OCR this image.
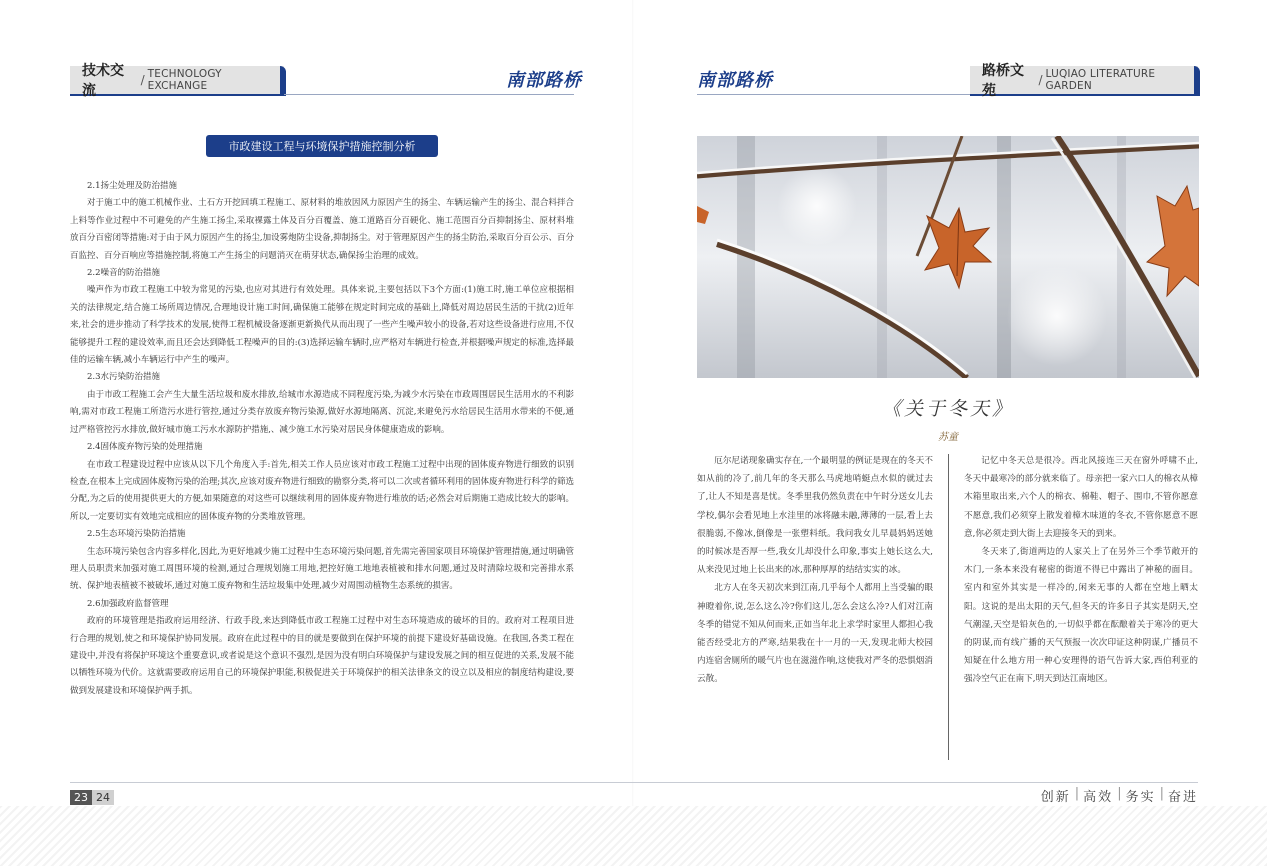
技术交流
/ TECHNOLOGY EXCHANGE	南部路桥	南部路桥	路桥文苑
/ LUQIAO LITERATURE GARDEN
市政建设工程与环境保护措施控制分析

2.1扬尘处理及防治措施

对于施工中的施工机械作业、土石方开挖回填工程施工、原材料的堆放因风力原因产生的扬尘、车辆运输产生的扬尘、混合料拌合上料等作业过程中不可避免的产生施工扬尘,采取裸露土体及百分百覆盖、施工道路百分百硬化、施工范围百分百抑制扬尘、原材料堆放百分百密闭等措施:对于由于风力原因产生的扬尘,加设雾炮防尘设备,抑制扬尘。对于管理原因产生的扬尘防治,采取百分百公示、百分百监控、百分百响应等措施控制,将施工产生扬尘的问题消灭在萌芽状态,确保扬尘治理的成效。

2.2噪音的防治措施

噪声作为市政工程施工中较为常见的污染,也应对其进行有效处理。具体来说,主要包括以下3个方面:(1)施工时,施工单位应根据相关的法律规定,结合施工场所周边情况,合理地设计施工时间,确保施工能够在规定时间完成的基础上,降低对周边居民生活的干扰(2)近年来,社会的进步推动了科学技术的发展,使得工程机械设备逐渐更新换代从而出现了一些产生噪声较小的设备,若对这些设备进行应用,不仅能够提升工程的建设效率,而且还会达到降低工程噪声的目的:(3)选择运输车辆时,应严格对车辆进行检查,并根据噪声规定的标准,选择最佳的运输车辆,减小车辆运行中产生的噪声。

2.3水污染防治措施

由于市政工程施工会产生大量生活垃圾和废水排放,给城市水源造成不同程度污染,为减少水污染在市政周围居民生活用水的不利影响,需对市政工程施工所造污水进行管控,通过分类存放废弃物污染源,做好水源地隔离、沉淀,来避免污水给居民生活用水带来的不便,通过严格管控污水排放,做好城市施工污水水源防护措施,、减少施工水污染对居民身体健康造成的影响。

2.4固体废弃物污染的处理措施

在市政工程建设过程中应该从以下几个角度入手:首先,相关工作人员应该对市政工程施工过程中出现的固体废弃物进行细致的识别检查,在根本上完成固体废物污染的治理;其次,应该对废弃物进行细致的勘察分类,将可以二次或者循环利用的固体废弃物进行科学的筛选分配,为之后的使用提供更大的方便,如果随意的对这些可以继续利用的固体废弃物进行堆放的话;必然会对后期施工造成比较大的影响。所以,一定要切实有效地完成相应的固体废弃物的分类堆放管理。

2.5生态环境污染防治措施

生态环境污染包含内容多样化,因此,为更好地减少施工过程中生态环境污染问题,首先需完善国家项目环境保护管理措施,通过明确管理人员职责来加强对施工周围环境的检测,通过合理规划施工用地,把控好施工地地表植被和排水问题,通过及时清除垃圾和完善排水系统、保护地表植被不被破坏,通过对施工废弃物和生活垃圾集中处理,减少对周围动植物生态系统的损害。

2.6加强政府监督管理

政府的环境管理是指政府运用经济、行政手段,来达到降低市政工程施工过程中对生态环境造成的破坏的目的。政府对工程项目进行合理的规划,使之和环境保护协同发展。政府在此过程中的目的就是要做到在保护环境的前提下建设好基础设施。在我国,各类工程在建设中,并没有将保护环境这个重要意识,或者说是这个意识不强烈,是因为没有明白环境保护与建设发展之间的相互促进的关系,发展不能以牺牲环境为代价。这就需要政府运用自己的环境保护职能,积极促进关于环境保护的相关法律条文的设立以及相应的制度结构建设,要做到发展建设和环境保护两手抓。

《关于冬天》
苏童

厄尔尼诺现象确实存在,一个最明显的例证是现在的冬天不如从前的冷了,前几年的冬天那么马虎地哨蜓点水似的就过去了,让人不知是喜是忧。冬季里我仍然负责在中午时分送女儿去学校,偶尔会看见地上水洼里的冰将融未融,薄薄的一层,看上去很脆弱,不像冰,倒像是一张塑料纸。我问我女儿早晨妈妈送她的时候冰是否厚一些,我女儿却没什么印象,事实上她长这么大,从来没见过地上长出来的冰,那种厚厚的结结实实的冰。

北方人在冬天初次来到江南,几乎每个人都用上当受骗的眼神瞪着你,说,怎么这么冷?你们这儿,怎么会这么冷?人们对江南冬季的错觉不知从何而来,正如当年北上求学时家里人都担心我能否经受北方的严寒,结果我在十一月的一天,发现北师大校园内连宿舍厕所的暖气片也在滋滋作响,这使我对严冬的恐惧烟消云散。

记忆中冬天总是很冷。西北风接连三天在窗外呼啸不止,冬天中最寒冷的部分就来临了。母亲把一家六口人的棉衣从樟木箱里取出来,六个人的棉衣、棉鞋、帽子、围巾,不管你愿意不愿意,我们必须穿上散发着樟木味道的冬衣,不管你愿意不愿意,你必须走到大街上去迎接冬天的到来。

冬天来了,街道两边的人家关上了在另外三个季节敞开的木门,一条本来没有秘密的街道不得已中露出了神秘的面目。室内和室外其实是一样冷的,闲来无事的人都在空地上晒太阳。这说的是出太阳的天气,但冬天的许多日子其实是阴天,空气潮湿,天空是铅灰色的,一切似乎都在酝酿着关于寒冷的更大的阴谋,而有线广播的天气预报一次次印证这种阴谋,广播员不知疑在什么地方用一种心安理得的语气告诉大家,西伯利亚的强冷空气正在南下,明天到达江南地区。

23 24	创新 | 高效 | 务实 | 奋进
